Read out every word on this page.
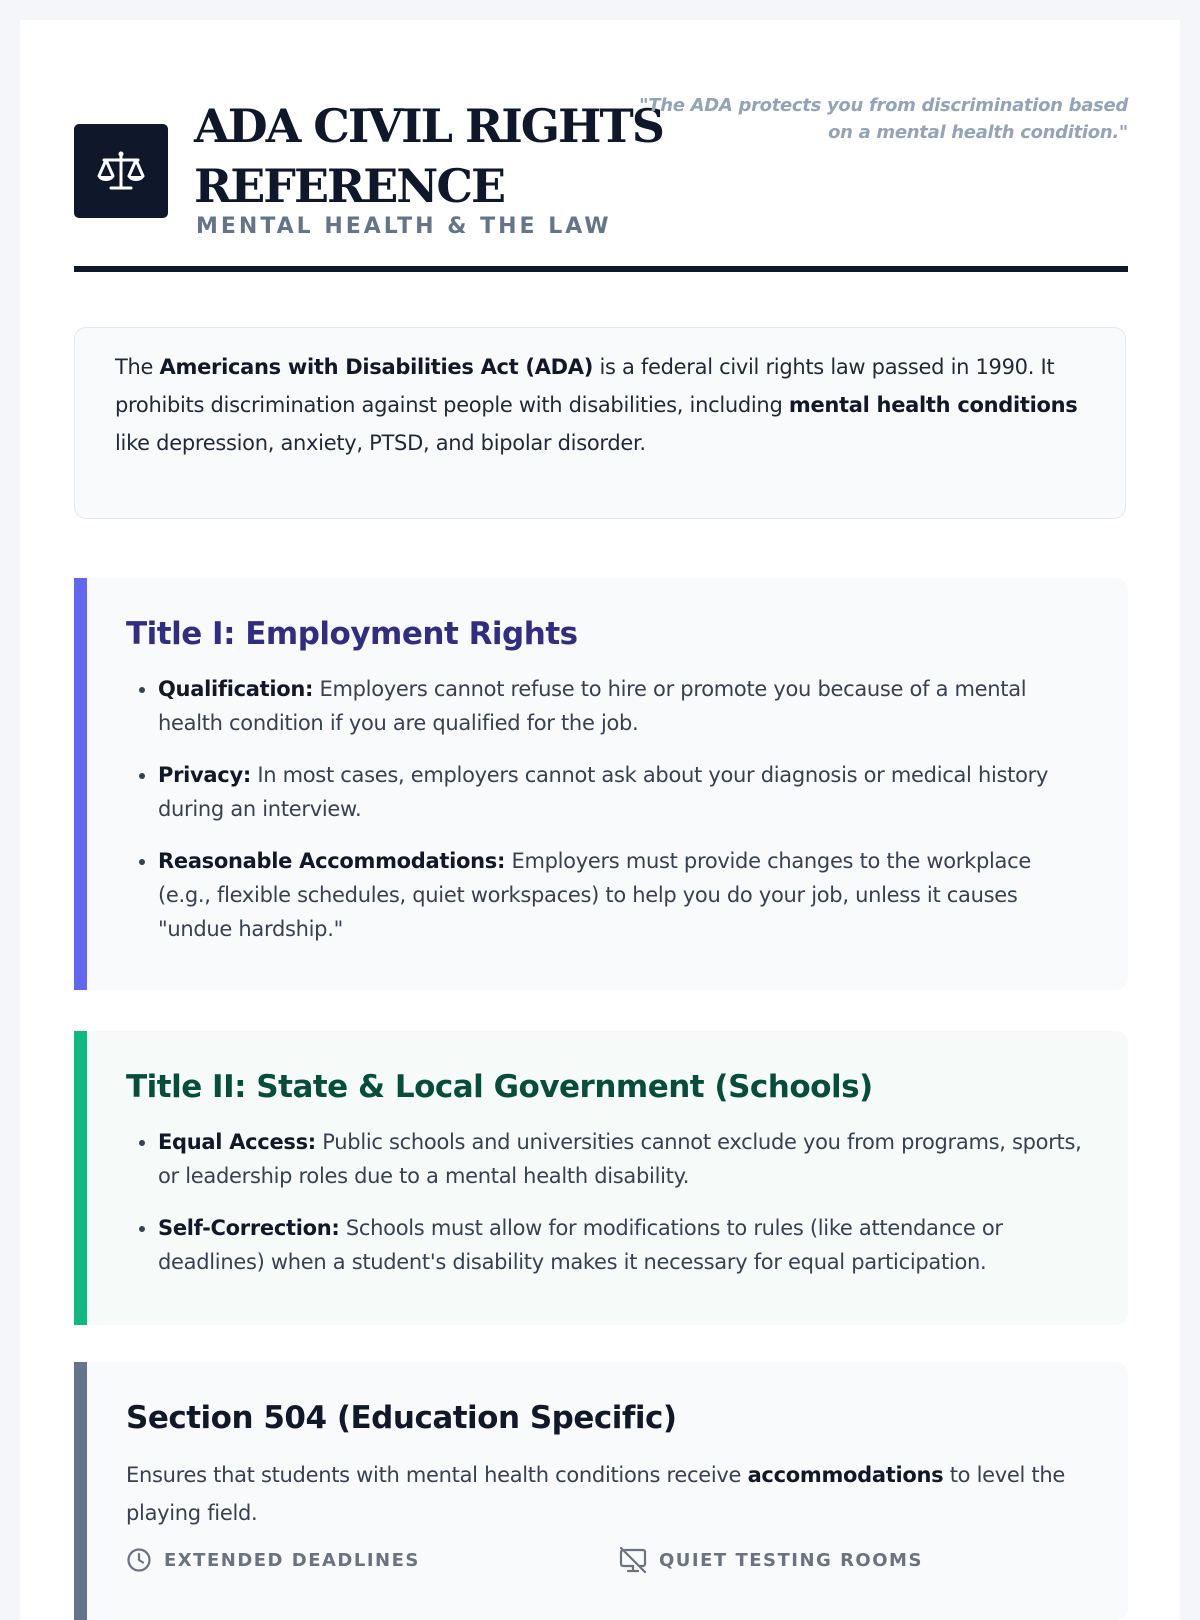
ADA CIVIL RIGHTS REFERENCE
MENTAL HEALTH & THE LAW
"The ADA protects you from discrimination based on a mental health condition."
The Americans with Disabilities Act (ADA) is a federal civil rights law passed in 1990. It prohibits discrimination against people with disabilities, including mental health conditions like depression, anxiety, PTSD, and bipolar disorder.
Title I: Employment Rights
• Qualification: Employers cannot refuse to hire or promote you because of a mental health condition if you are qualified for the job.
• Privacy: In most cases, employers cannot ask about your diagnosis or medical history during an interview.
• Reasonable Accommodations: Employers must provide changes to the workplace (e.g., flexible schedules, quiet workspaces) to help you do your job, unless it causes "undue hardship."
Title II: State & Local Government (Schools)
• Equal Access: Public schools and universities cannot exclude you from programs, sports, or leadership roles due to a mental health disability.
• Self-Correction: Schools must allow for modifications to rules (like attendance or deadlines) when a student's disability makes it necessary for equal participation.
Section 504 (Education Specific)

Ensures that students with mental health conditions receive accommodations to level the playing field.

EXTENDED DEADLINES	QUIET TESTING ROOMS
